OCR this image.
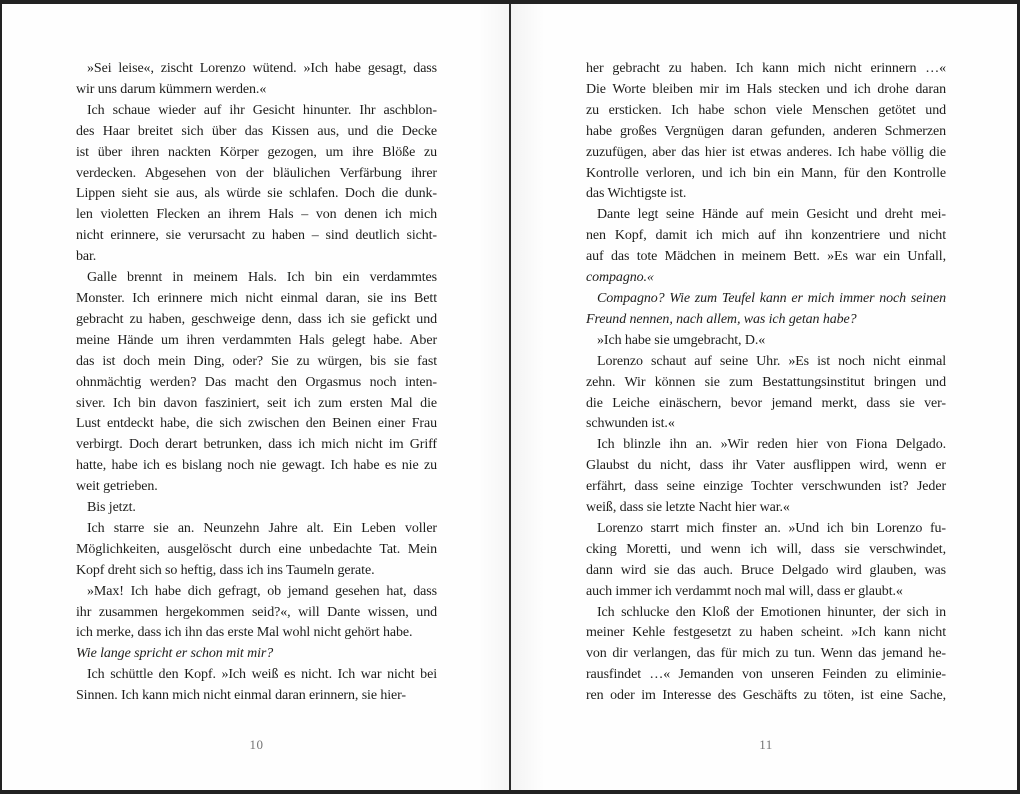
»Sei leise«, zischt Lorenzo wütend. »Ich habe gesagt, dass
wir uns darum kümmern werden.«
Ich schaue wieder auf ihr Gesicht hinunter. Ihr aschblon-
des Haar breitet sich über das Kissen aus, und die Decke
ist über ihren nackten Körper gezogen, um ihre Blöße zu
verdecken. Abgesehen von der bläulichen Verfärbung ihrer
Lippen sieht sie aus, als würde sie schlafen. Doch die dunk-
len violetten Flecken an ihrem Hals – von denen ich mich
nicht erinnere, sie verursacht zu haben – sind deutlich sicht-
bar.
Galle brennt in meinem Hals. Ich bin ein verdammtes
Monster. Ich erinnere mich nicht einmal daran, sie ins Bett
gebracht zu haben, geschweige denn, dass ich sie gefickt und
meine Hände um ihren verdammten Hals gelegt habe. Aber
das ist doch mein Ding, oder? Sie zu würgen, bis sie fast
ohnmächtig werden? Das macht den Orgasmus noch inten-
siver. Ich bin davon fasziniert, seit ich zum ersten Mal die
Lust entdeckt habe, die sich zwischen den Beinen einer Frau
verbirgt. Doch derart betrunken, dass ich mich nicht im Griff
hatte, habe ich es bislang noch nie gewagt. Ich habe es nie zu
weit getrieben.
Bis jetzt.
Ich starre sie an. Neunzehn Jahre alt. Ein Leben voller
Möglichkeiten, ausgelöscht durch eine unbedachte Tat. Mein
Kopf dreht sich so heftig, dass ich ins Taumeln gerate.
»Max! Ich habe dich gefragt, ob jemand gesehen hat, dass
ihr zusammen hergekommen seid?«, will Dante wissen, und
ich merke, dass ich ihn das erste Mal wohl nicht gehört habe.
Wie lange spricht er schon mit mir?
Ich schüttle den Kopf. »Ich weiß es nicht. Ich war nicht bei
Sinnen. Ich kann mich nicht einmal daran erinnern, sie hier-
10
her gebracht zu haben. Ich kann mich nicht erinnern …«
Die Worte bleiben mir im Hals stecken und ich drohe daran
zu ersticken. Ich habe schon viele Menschen getötet und
habe großes Vergnügen daran gefunden, anderen Schmerzen
zuzufügen, aber das hier ist etwas anderes. Ich habe völlig die
Kontrolle verloren, und ich bin ein Mann, für den Kontrolle
das Wichtigste ist.
Dante legt seine Hände auf mein Gesicht und dreht mei-
nen Kopf, damit ich mich auf ihn konzentriere und nicht
auf das tote Mädchen in meinem Bett. »Es war ein Unfall,
compagno.«
Compagno? Wie zum Teufel kann er mich immer noch seinen
Freund nennen, nach allem, was ich getan habe?
»Ich habe sie umgebracht, D.«
Lorenzo schaut auf seine Uhr. »Es ist noch nicht einmal
zehn. Wir können sie zum Bestattungsinstitut bringen und
die Leiche einäschern, bevor jemand merkt, dass sie ver-
schwunden ist.«
Ich blinzle ihn an. »Wir reden hier von Fiona Delgado.
Glaubst du nicht, dass ihr Vater ausflippen wird, wenn er
erfährt, dass seine einzige Tochter verschwunden ist? Jeder
weiß, dass sie letzte Nacht hier war.«
Lorenzo starrt mich finster an. »Und ich bin Lorenzo fu-
cking Moretti, und wenn ich will, dass sie verschwindet,
dann wird sie das auch. Bruce Delgado wird glauben, was
auch immer ich verdammt noch mal will, dass er glaubt.«
Ich schlucke den Kloß der Emotionen hinunter, der sich in
meiner Kehle festgesetzt zu haben scheint. »Ich kann nicht
von dir verlangen, das für mich zu tun. Wenn das jemand he-
rausfindet …« Jemanden von unseren Feinden zu eliminie-
ren oder im Interesse des Geschäfts zu töten, ist eine Sache,
11
